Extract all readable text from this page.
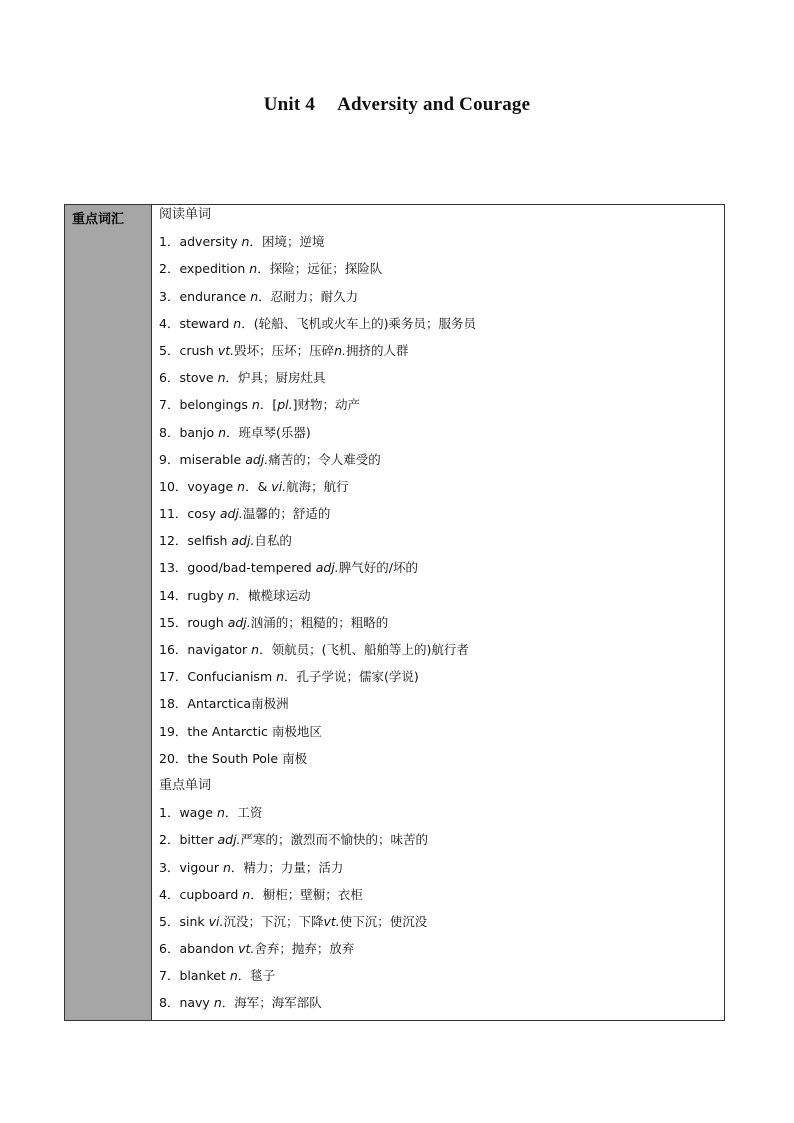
Unit 4 Adversity and Courage
重点词汇	阅读单词
1．adversity n．困境；逆境
2．expedition n．探险；远征；探险队
3．endurance n．忍耐力；耐久力
4．steward n．(轮船、飞机或火车上的)乘务员；服务员
5．crush vt.毁坏；压坏；压碎n.拥挤的人群
6．stove n．炉具；厨房灶具
7．belongings n．[pl.]财物；动产
8．banjo n．班卓琴(乐器)
9．miserable adj.痛苦的；令人难受的
10．voyage n．& vi.航海；航行
11．cosy adj.温馨的；舒适的
12．selfish adj.自私的
13．good/bad-tempered adj.脾气好的/坏的
14．rugby n．橄榄球运动
15．rough adj.汹涌的；粗糙的；粗略的
16．navigator n．领航员；(飞机、船舶等上的)航行者
17．Confucianism n．孔子学说；儒家(学说)
18．Antarctica南极洲
19．the Antarctic 南极地区
20．the South Pole 南极
重点单词
1．wage n．工资
2．bitter adj.严寒的；激烈而不愉快的；味苦的
3．vigour n．精力；力量；活力
4．cupboard n．橱柜；壁橱；衣柜
5．sink vi.沉没；下沉；下降vt.使下沉；使沉没
6．abandon vt.舍弃；抛弃；放弃
7．blanket n．毯子
8．navy n．海军；海军部队
